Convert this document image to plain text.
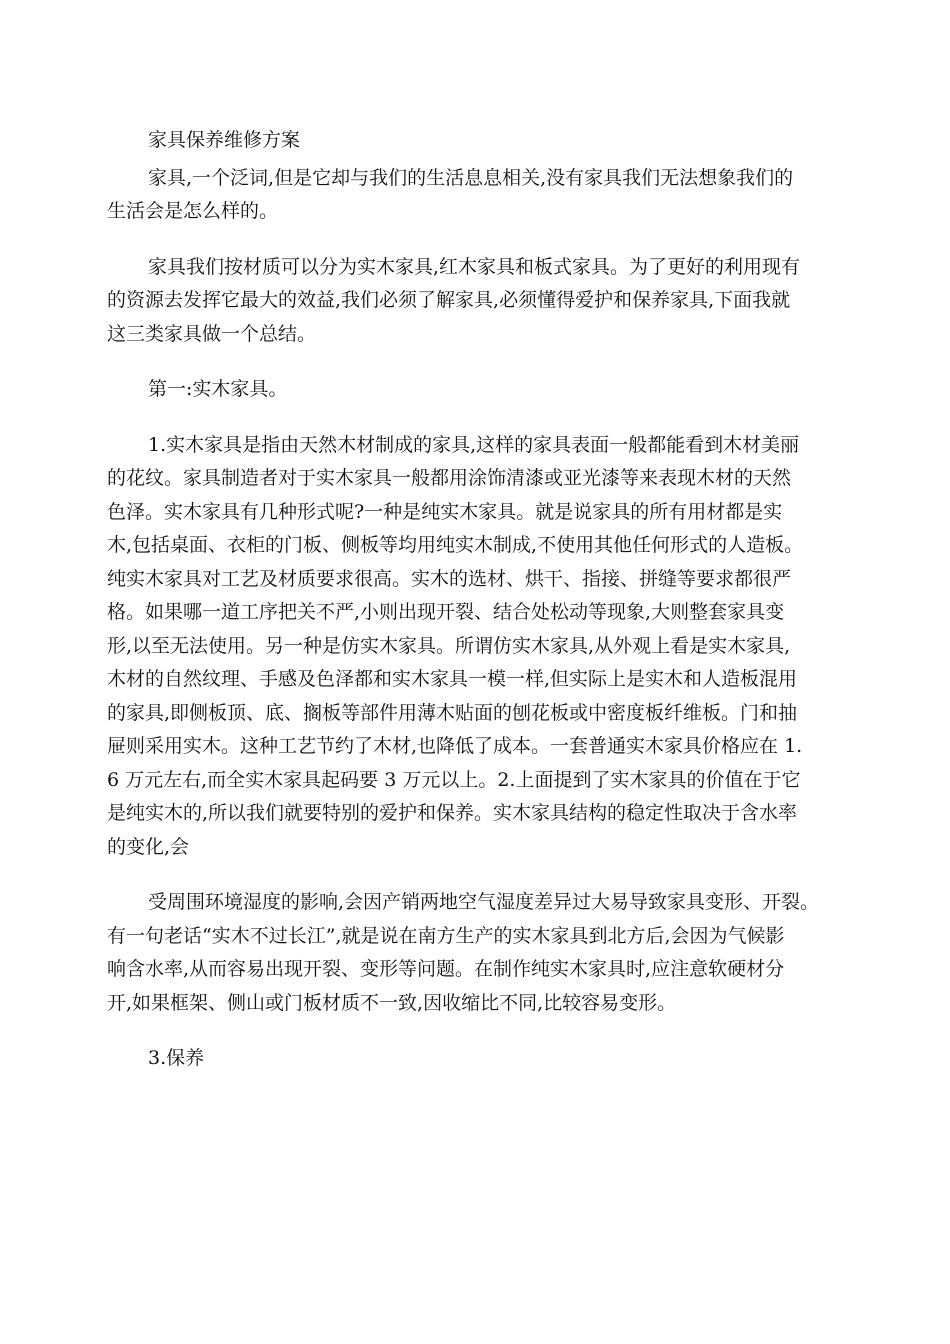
家具保养维修方案
家具,一个泛词,但是它却与我们的生活息息相关,没有家具我们无法想象我们的
生活会是怎么样的。
家具我们按材质可以分为实木家具,红木家具和板式家具。为了更好的利用现有
的资源去发挥它最大的效益,我们必须了解家具,必须懂得爱护和保养家具,下面我就
这三类家具做一个总结。
第一:实木家具。
1.实木家具是指由天然木材制成的家具,这样的家具表面一般都能看到木材美丽
的花纹。家具制造者对于实木家具一般都用涂饰清漆或亚光漆等来表现木材的天然
色泽。实木家具有几种形式呢?一种是纯实木家具。就是说家具的所有用材都是实
木,包括桌面、衣柜的门板、侧板等均用纯实木制成,不使用其他任何形式的人造板。
纯实木家具对工艺及材质要求很高。实木的选材、烘干、指接、拼缝等要求都很严
格。如果哪一道工序把关不严,小则出现开裂、结合处松动等现象,大则整套家具变
形,以至无法使用。另一种是仿实木家具。所谓仿实木家具,从外观上看是实木家具,
木材的自然纹理、手感及色泽都和实木家具一模一样,但实际上是实木和人造板混用
的家具,即侧板顶、底、搁板等部件用薄木贴面的刨花板或中密度板纤维板。门和抽
屉则采用实木。这种工艺节约了木材,也降低了成本。一套普通实木家具价格应在 1.
6 万元左右,而全实木家具起码要 3 万元以上。2.上面提到了实木家具的价值在于它
是纯实木的,所以我们就要特别的爱护和保养。实木家具结构的稳定性取决于含水率
的变化,会
受周围环境湿度的影响,会因产销两地空气湿度差异过大易导致家具变形、开裂。
有一句老话“实木不过长江”,就是说在南方生产的实木家具到北方后,会因为气候影
响含水率,从而容易出现开裂、变形等问题。在制作纯实木家具时,应注意软硬材分
开,如果框架、侧山或门板材质不一致,因收缩比不同,比较容易变形。
3.保养
